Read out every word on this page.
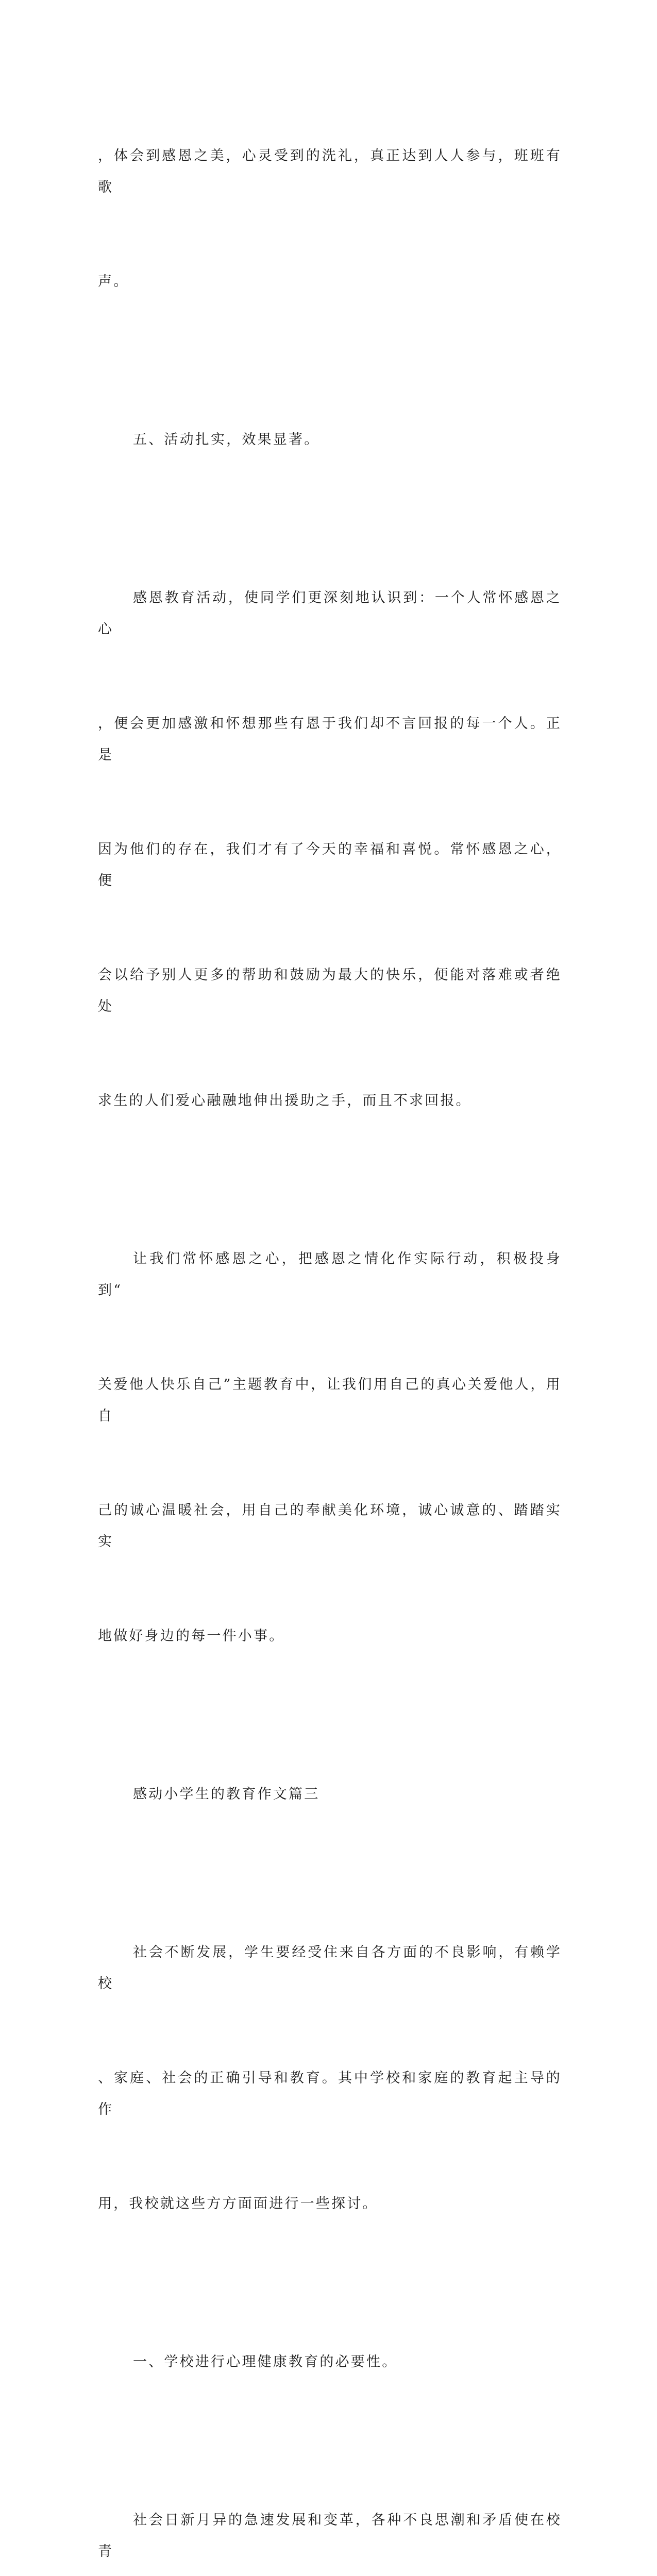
，体会到感恩之美，心灵受到的洗礼，真正达到人人参与，班班有歌

声。

五、活动扎实，效果显著。

感恩教育活动，使同学们更深刻地认识到：一个人常怀感恩之心

，便会更加感激和怀想那些有恩于我们却不言回报的每一个人。正是

因为他们的存在，我们才有了今天的幸福和喜悦。常怀感恩之心，便

会以给予别人更多的帮助和鼓励为最大的快乐，便能对落难或者绝处

求生的人们爱心融融地伸出援助之手，而且不求回报。

让我们常怀感恩之心，把感恩之情化作实际行动，积极投身到“

关爱他人快乐自己”主题教育中，让我们用自己的真心关爱他人，用自

己的诚心温暖社会，用自己的奉献美化环境，诚心诚意的、踏踏实实

地做好身边的每一件小事。

感动小学生的教育作文篇三

社会不断发展，学生要经受住来自各方面的不良影响，有赖学校

、家庭、社会的正确引导和教育。其中学校和家庭的教育起主导的作

用，我校就这些方方面面进行一些探讨。

一、学校进行心理健康教育的必要性。

社会日新月异的急速发展和变革，各种不良思潮和矛盾使在校青
